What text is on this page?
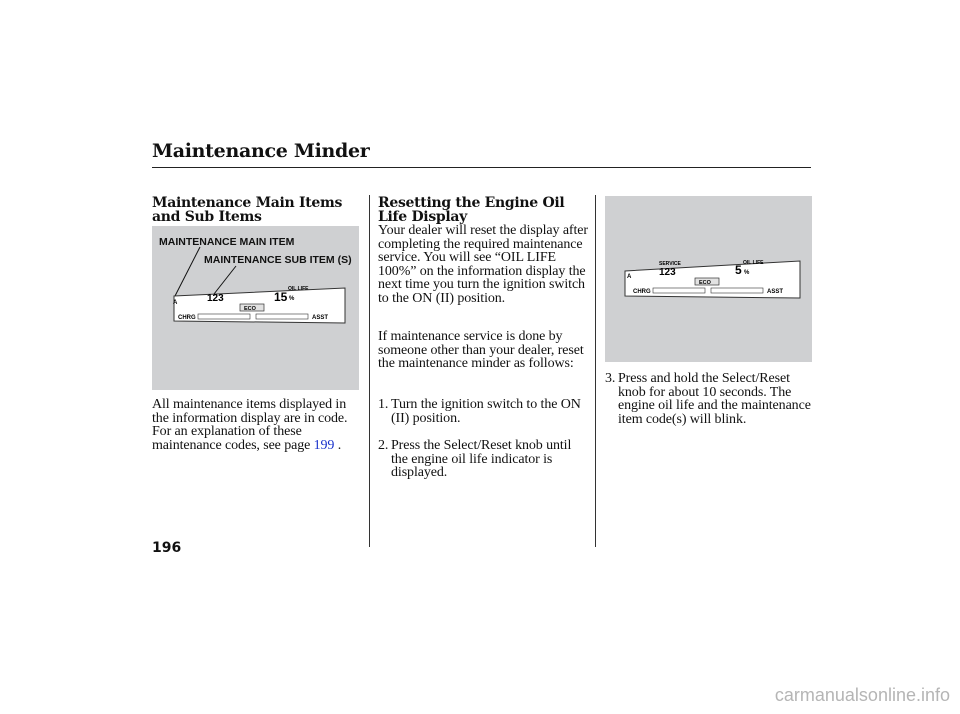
Maintenance Minder
Maintenance Main Items and Sub Items
MAINTENANCE MAIN ITEM
MAINTENANCE SUB ITEM (S)
A	123
OIL LIFE
15 %
ECO
CHRG	ASST
All maintenance items displayed in the information display are in code. For an explanation of these maintenance codes, see page 199 .
Resetting the Engine Oil Life Display
Your dealer will reset the display after completing the required maintenance service. You will see “OIL LIFE 100%” on the information display the next time you turn the ignition switch to the ON (II) position.
If maintenance service is done by someone other than your dealer, reset the maintenance minder as follows:
1. Turn the ignition switch to the ON (II) position.
2. Press the Select/Reset knob until the engine oil life indicator is displayed.
A
SERVICE
123
OIL LIFE
5 %
ECO
CHRG	ASST
3. Press and hold the Select/Reset knob for about 10 seconds. The engine oil life and the maintenance item code(s) will blink.
196
carmanualsonline.info
